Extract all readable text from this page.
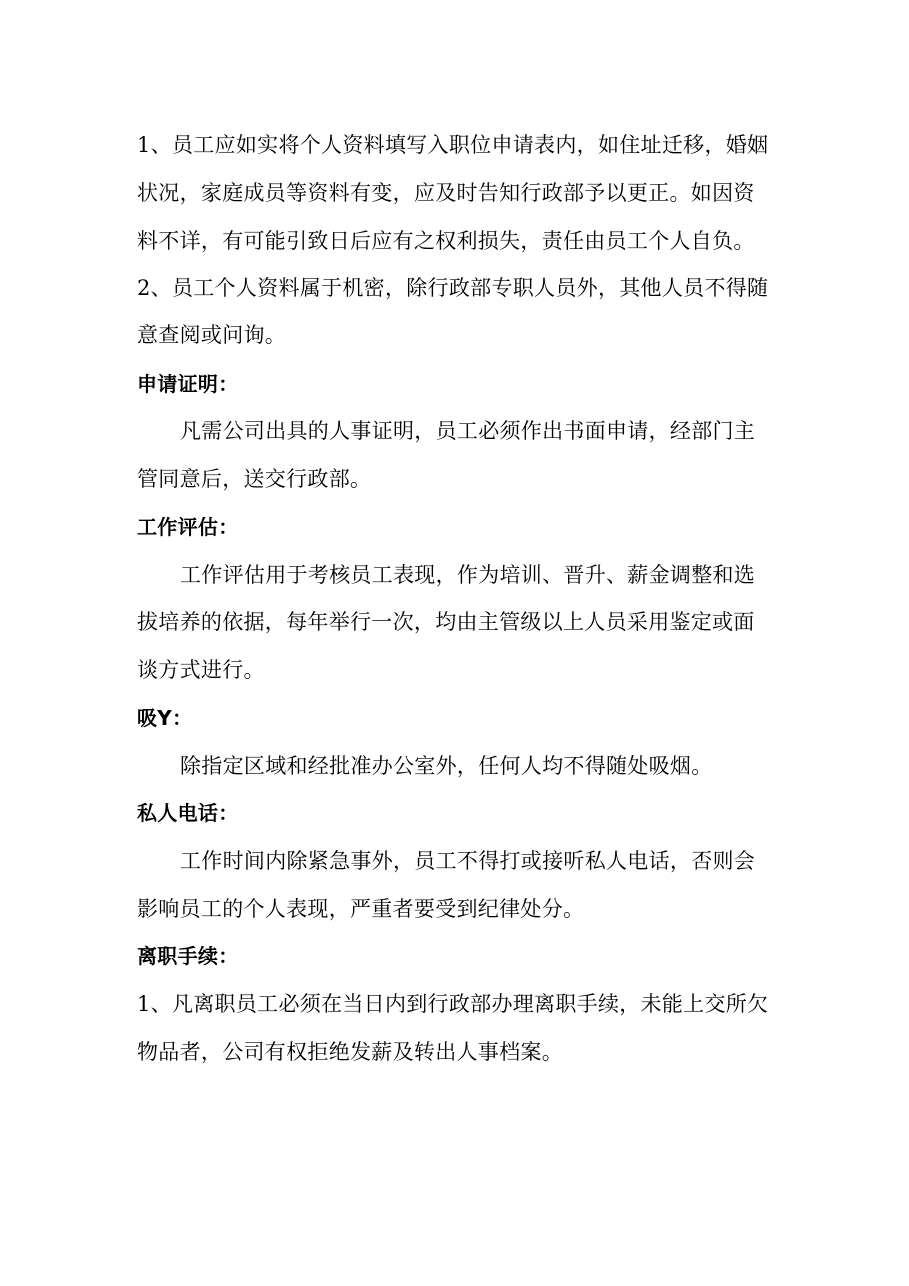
1、员工应如实将个人资料填写入职位申请表内，如住址迁移，婚姻
状况，家庭成员等资料有变，应及时告知行政部予以更正。如因资
料不详，有可能引致日后应有之权利损失，责任由员工个人自负。
2、员工个人资料属于机密，除行政部专职人员外，其他人员不得随
意查阅或问询。
申请证明：
凡需公司出具的人事证明，员工必须作出书面申请，经部门主
管同意后，送交行政部。
工作评估：
工作评估用于考核员工表现，作为培训、晋升、薪金调整和选
拔培养的依据，每年举行一次，均由主管级以上人员采用鉴定或面
谈方式进行。
吸Y：
除指定区域和经批准办公室外，任何人均不得随处吸烟。
私人电话：
工作时间内除紧急事外，员工不得打或接听私人电话，否则会
影响员工的个人表现，严重者要受到纪律处分。
离职手续：
1、凡离职员工必须在当日内到行政部办理离职手续，未能上交所欠
物品者，公司有权拒绝发薪及转出人事档案。
